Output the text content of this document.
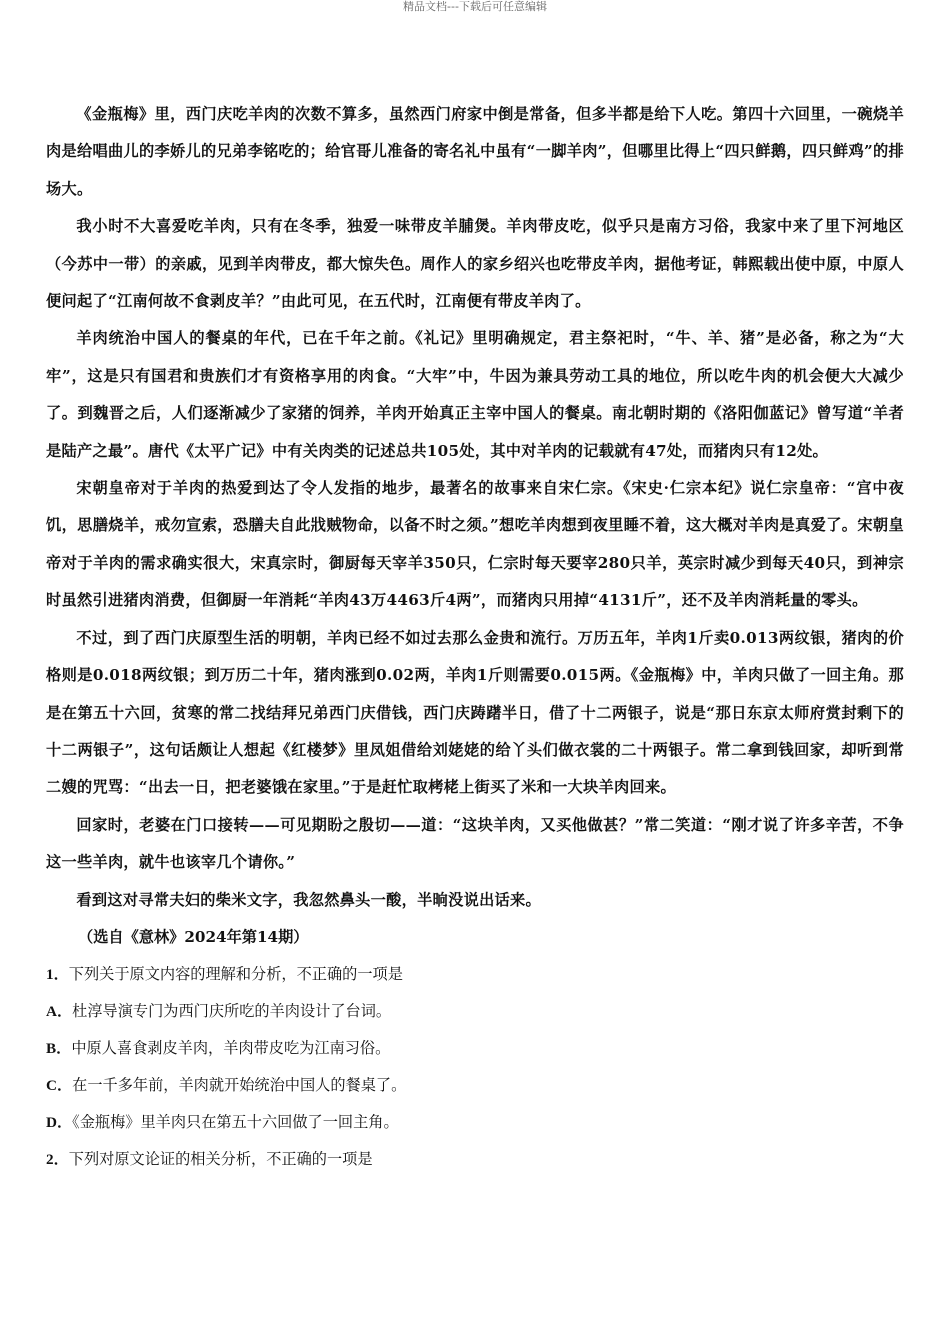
精品文档---下载后可任意编辑

《金瓶梅》里，西门庆吃羊肉的次数不算多，虽然西门府家中倒是常备，但多半都是给下人吃。第四十六回里，一碗烧羊肉是给唱曲儿的李娇儿的兄弟李铭吃的；给官哥儿准备的寄名礼中虽有“一脚羊肉”，但哪里比得上“四只鲜鹅，四只鲜鸡”的排场大。

我小时不大喜爱吃羊肉，只有在冬季，独爱一味带皮羊脯煲。羊肉带皮吃，似乎只是南方习俗，我家中来了里下河地区（今苏中一带）的亲戚，见到羊肉带皮，都大惊失色。周作人的家乡绍兴也吃带皮羊肉，据他考证，韩熙载出使中原，中原人便问起了“江南何故不食剥皮羊？”由此可见，在五代时，江南便有带皮羊肉了。

羊肉统治中国人的餐桌的年代，已在千年之前。《礼记》里明确规定，君主祭祀时，“牛、羊、猪”是必备，称之为“大牢”，这是只有国君和贵族们才有资格享用的肉食。“大牢”中，牛因为兼具劳动工具的地位，所以吃牛肉的机会便大大减少了。到魏晋之后，人们逐渐减少了家猪的饲养，羊肉开始真正主宰中国人的餐桌。南北朝时期的《洛阳伽蓝记》曾写道“羊者是陆产之最”。唐代《太平广记》中有关肉类的记述总共105处，其中对羊肉的记载就有47处，而猪肉只有12处。

宋朝皇帝对于羊肉的热爱到达了令人发指的地步，最著名的故事来自宋仁宗。《宋史·仁宗本纪》说仁宗皇帝：“宫中夜饥，思膳烧羊，戒勿宣索，恐膳夫自此戕贼物命，以备不时之须。”想吃羊肉想到夜里睡不着，这大概对羊肉是真爱了。宋朝皇帝对于羊肉的需求确实很大，宋真宗时，御厨每天宰羊350只，仁宗时每天要宰280只羊，英宗时减少到每天40只，到神宗时虽然引进猪肉消费，但御厨一年消耗“羊肉43万4463斤4两”，而猪肉只用掉“4131斤”，还不及羊肉消耗量的零头。

不过，到了西门庆原型生活的明朝，羊肉已经不如过去那么金贵和流行。万历五年，羊肉1斤卖0.013两纹银，猪肉的价格则是0.018两纹银；到万历二十年，猪肉涨到0.02两，羊肉1斤则需要0.015两。《金瓶梅》中，羊肉只做了一回主角。那是在第五十六回，贫寒的常二找结拜兄弟西门庆借钱，西门庆踌躇半日，借了十二两银子，说是“那日东京太师府赏封剩下的十二两银子”，这句话颇让人想起《红楼梦》里凤姐借给刘姥姥的给丫头们做衣裳的二十两银子。常二拿到钱回家，却听到常二嫂的咒骂：“出去一日，把老婆饿在家里。”于是赶忙取栲栳上街买了米和一大块羊肉回来。

回家时，老婆在门口接转——可见期盼之殷切——道：“这块羊肉，又买他做甚？”常二笑道：“刚才说了许多辛苦，不争这一些羊肉，就牛也该宰几个请你。”

看到这对寻常夫妇的柴米文字，我忽然鼻头一酸，半晌没说出话来。

（选自《意林》2024年第14期）

1．下列关于原文内容的理解和分析，不正确的一项是

A．杜淳导演专门为西门庆所吃的羊肉设计了台词。

B．中原人喜食剥皮羊肉，羊肉带皮吃为江南习俗。

C．在一千多年前，羊肉就开始统治中国人的餐桌了。

D．《金瓶梅》里羊肉只在第五十六回做了一回主角。

2．下列对原文论证的相关分析，不正确的一项是
